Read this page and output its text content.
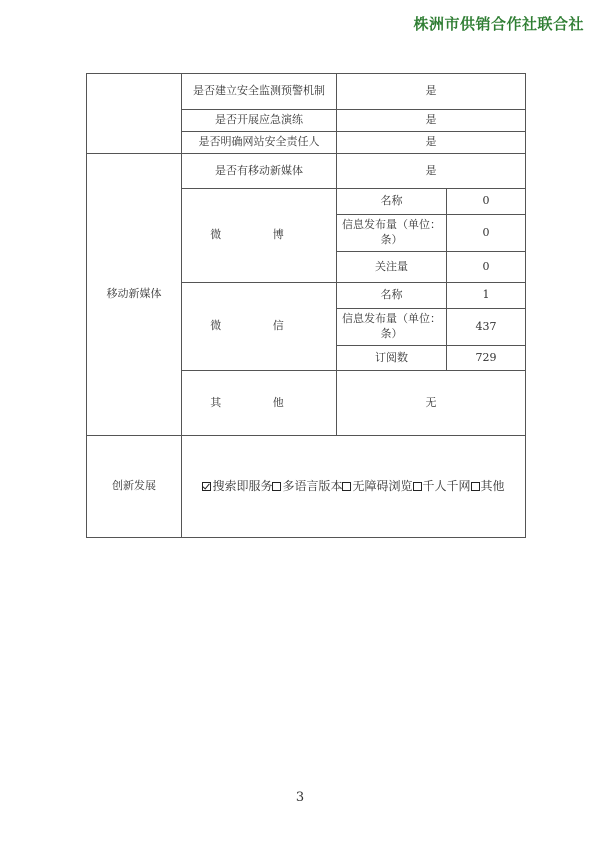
株洲市供销合作社联合社
	是否建立安全监测预警机制	是	
	是否开展应急演练	是	
	是否明确网站安全责任人	是	
移动新媒体	是否有移动新媒体	是	
	微 博	名称	0
		信息发布量（单位：条）	0
		关注量	0
	微 信	名称	1
		信息发布量（单位：条）	437
		订阅数	729
	其 他	无	
创新发展	搜索即服务 多语言版本 无障碍浏览 千人千网 其他		
3
